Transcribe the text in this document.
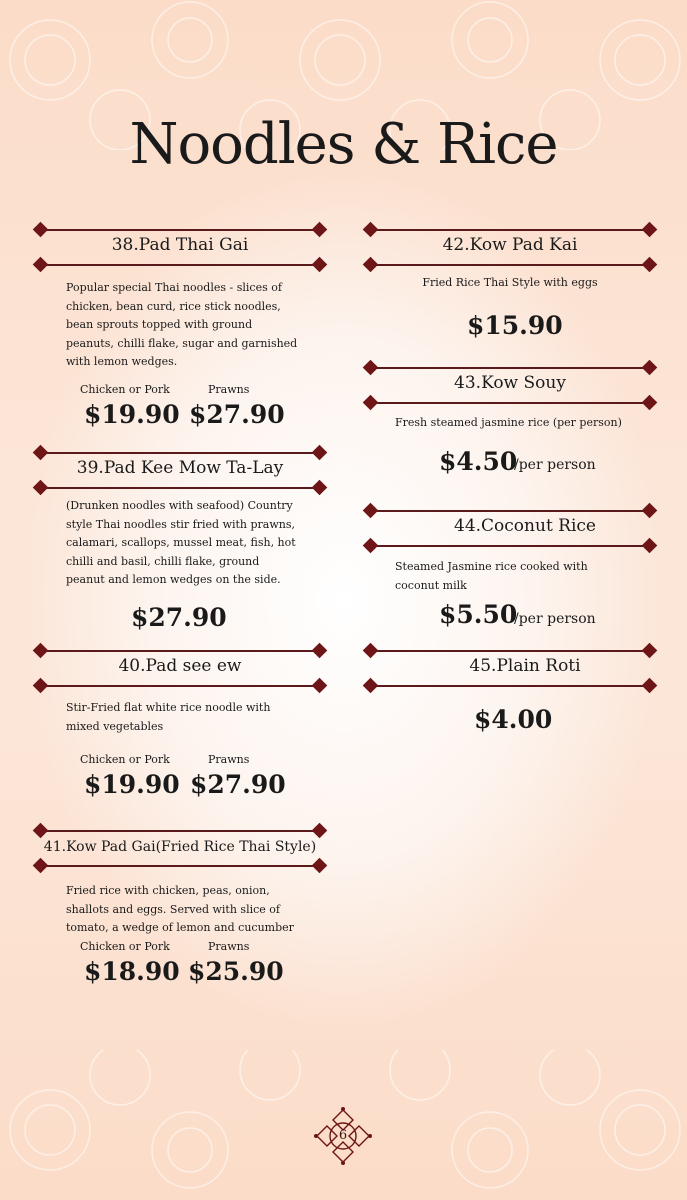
Noodles & Rice
38.Pad Thai Gai
Popular special Thai noodles - slices of chicken, bean curd, rice stick noodles, bean sprouts topped with ground peanuts, chilli flake, sugar and garnished with lemon wedges.
Chicken or Pork	Prawns
$19.90 $27.90
39.Pad Kee Mow Ta-Lay
(Drunken noodles with seafood) Country style Thai noodles stir fried with prawns, calamari, scallops, mussel meat, fish, hot chilli and basil, chilli flake, ground peanut and lemon wedges on the side.
$27.90
40.Pad see ew
Stir-Fried flat white rice noodle with mixed vegetables
Chicken or Pork	Prawns
$19.90 $27.90
41.Kow Pad Gai(Fried Rice Thai Style)
Fried rice with chicken, peas, onion, shallots and eggs. Served with slice of tomato, a wedge of lemon and cucumber
Chicken or Pork	Prawns
$18.90 $25.90
42.Kow Pad Kai
Fried Rice Thai Style with eggs
$15.90
43.Kow Souy
Fresh steamed jasmine rice (per person)
$4.50
/per person
44.Coconut Rice
Steamed Jasmine rice cooked with coconut milk
$5.50
/per person
45.Plain Roti
$4.00
6
